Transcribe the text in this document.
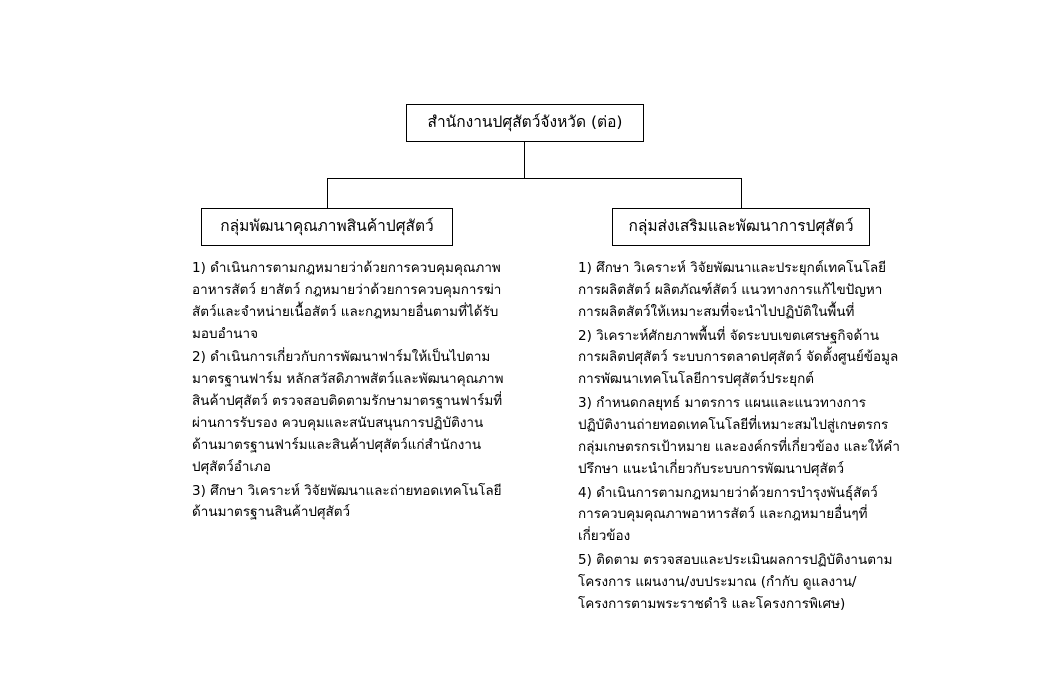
สำนักงานปศุสัตว์จังหวัด (ต่อ)
กลุ่มพัฒนาคุณภาพสินค้าปศุสัตว์	กลุ่มส่งเสริมและพัฒนาการปศุสัตว์

1) ดำเนินการตามกฎหมายว่าด้วยการควบคุมคุณภาพอาหารสัตว์ ยาสัตว์ กฎหมายว่าด้วยการควบคุมการฆ่าสัตว์และจำหน่ายเนื้อสัตว์ และกฎหมายอื่นตามที่ได้รับมอบอำนาจ

2) ดำเนินการเกี่ยวกับการพัฒนาฟาร์มให้เป็นไปตามมาตรฐานฟาร์ม หลักสวัสดิภาพสัตว์และพัฒนาคุณภาพสินค้าปศุสัตว์ ตรวจสอบติดตามรักษามาตรฐานฟาร์มที่ผ่านการรับรอง ควบคุมและสนับสนุนการปฏิบัติงานด้านมาตรฐานฟาร์มและสินค้าปศุสัตว์แก่สำนักงานปศุสัตว์อำเภอ

3) ศึกษา วิเคราะห์ วิจัยพัฒนาและถ่ายทอดเทคโนโลยีด้านมาตรฐานสินค้าปศุสัตว์

1) ศึกษา วิเคราะห์ วิจัยพัฒนาและประยุกต์เทคโนโลยีการผลิตสัตว์ ผลิตภัณฑ์สัตว์ แนวทางการแก้ไขปัญหาการผลิตสัตว์ให้เหมาะสมที่จะนำไปปฏิบัติในพื้นที่

2) วิเคราะห์ศักยภาพพื้นที่ จัดระบบเขตเศรษฐกิจด้านการผลิตปศุสัตว์ ระบบการตลาดปศุสัตว์ จัดตั้งศูนย์ข้อมูลการพัฒนาเทคโนโลยีการปศุสัตว์ประยุกต์

3) กำหนดกลยุทธ์ มาตรการ แผนและแนวทางการปฏิบัติงานถ่ายทอดเทคโนโลยีที่เหมาะสมไปสู่เกษตรกร กลุ่มเกษตรกรเป้าหมาย และองค์กรที่เกี่ยวข้อง และให้คำปรึกษา แนะนำเกี่ยวกับระบบการพัฒนาปศุสัตว์

4) ดำเนินการตามกฎหมายว่าด้วยการบำรุงพันธุ์สัตว์ การควบคุมคุณภาพอาหารสัตว์ และกฎหมายอื่นๆที่เกี่ยวข้อง

5) ติดตาม ตรวจสอบและประเมินผลการปฏิบัติงานตามโครงการ แผนงาน/งบประมาณ (กำกับ ดูแลงาน/โครงการตามพระราชดำริ และโครงการพิเศษ)
